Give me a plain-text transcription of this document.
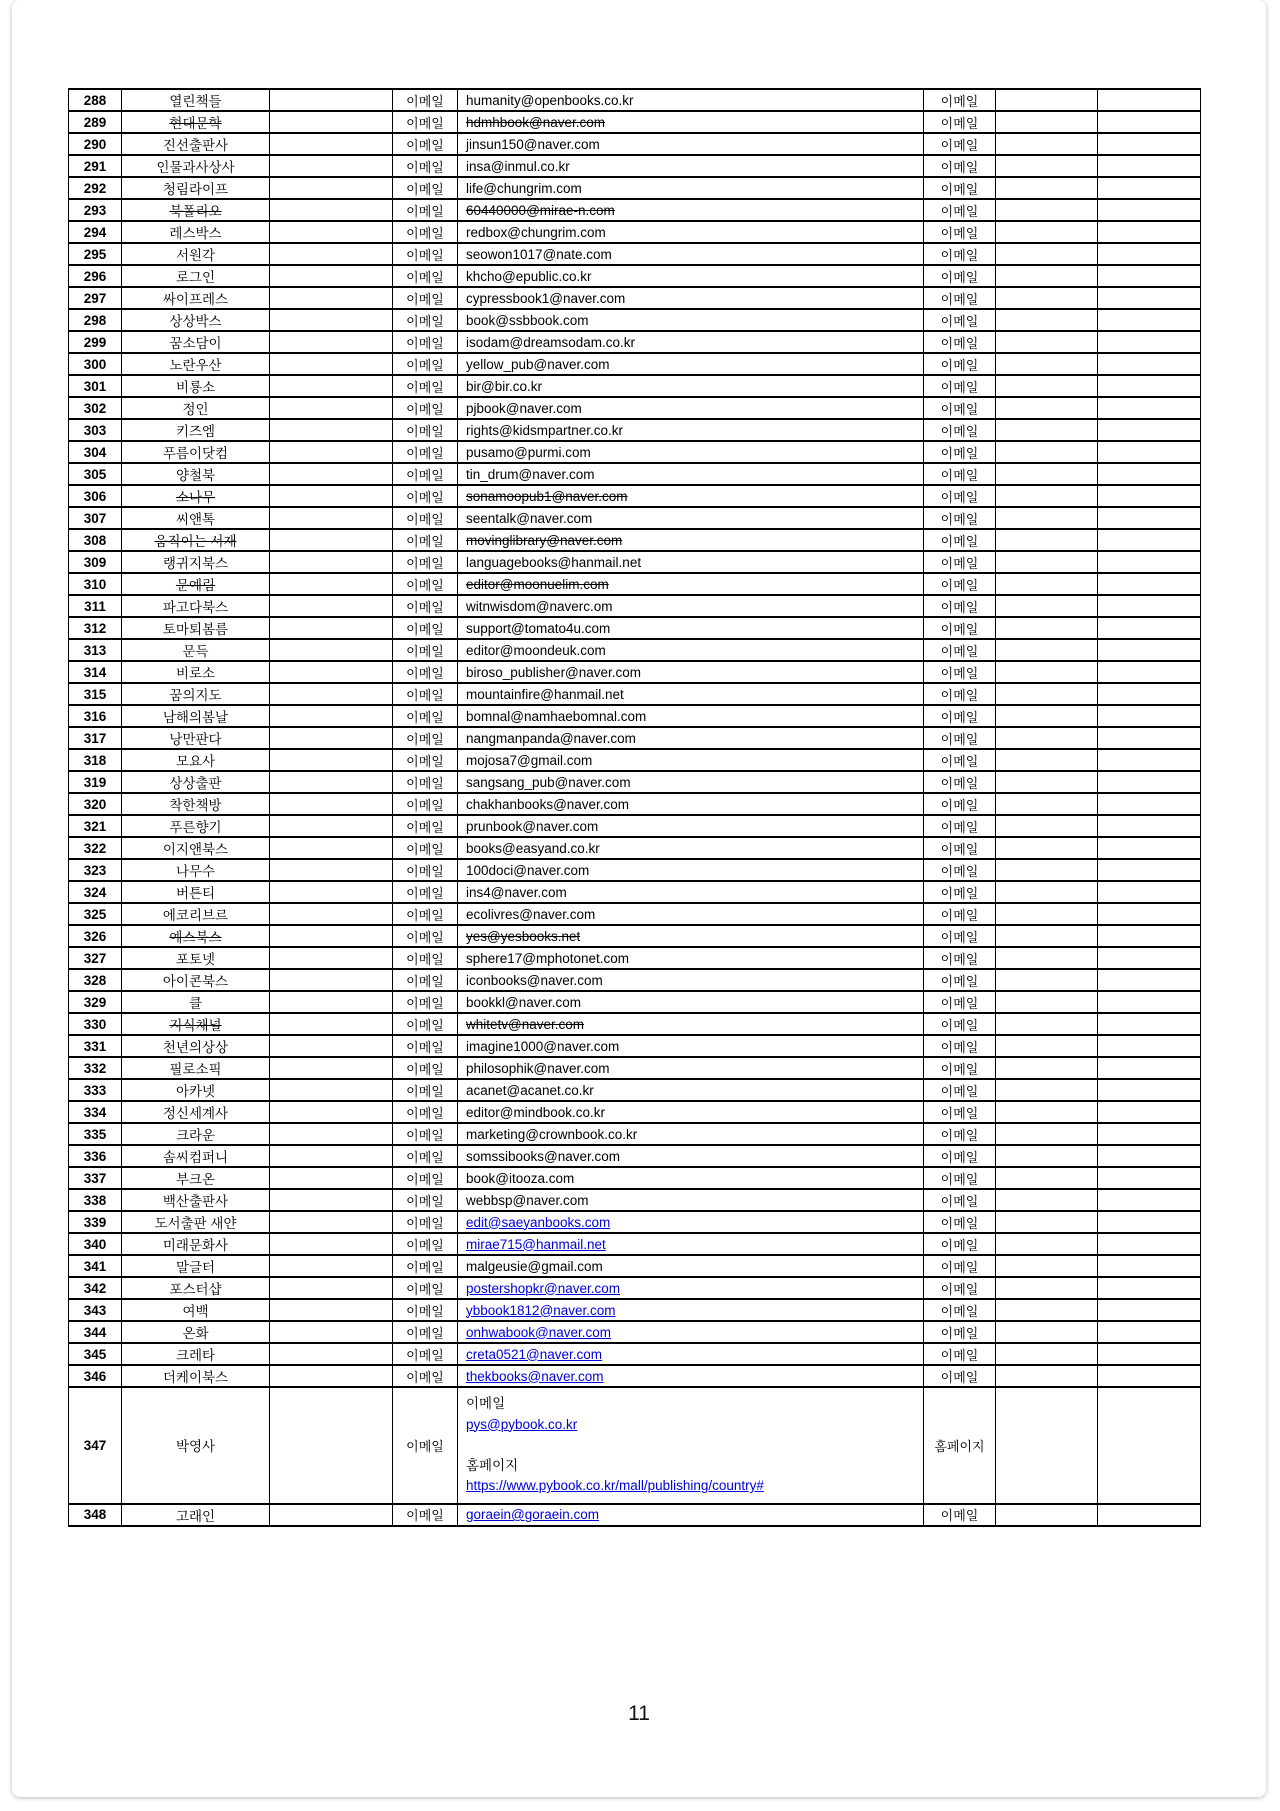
288	열린책들		이메일	humanity@openbooks.co.kr	이메일		
289	현대문학		이메일	hdmhbook@naver.com	이메일		
290	진선출판사		이메일	jinsun150@naver.com	이메일		
291	인물과사상사		이메일	insa@inmul.co.kr	이메일		
292	청림라이프		이메일	life@chungrim.com	이메일		
293	북폴리오		이메일	60440000@mirae-n.com	이메일		
294	레스박스		이메일	redbox@chungrim.com	이메일		
295	서원각		이메일	seowon1017@nate.com	이메일		
296	로그인		이메일	khcho@epublic.co.kr	이메일		
297	싸이프레스		이메일	cypressbook1@naver.com	이메일		
298	상상박스		이메일	book@ssbbook.com	이메일		
299	꿈소담이		이메일	isodam@dreamsodam.co.kr	이메일		
300	노란우산		이메일	yellow_pub@naver.com	이메일		
301	비룡소		이메일	bir@bir.co.kr	이메일		
302	정인		이메일	pjbook@naver.com	이메일		
303	키즈엠		이메일	rights@kidsmpartner.co.kr	이메일		
304	푸름이닷컴		이메일	pusamo@purmi.com	이메일		
305	양철북		이메일	tin_drum@naver.com	이메일		
306	소나무		이메일	sonamoopub1@naver.com	이메일		
307	씨앤톡		이메일	seentalk@naver.com	이메일		
308	움직이는 서재		이메일	movinglibrary@naver.com	이메일		
309	랭귀지북스		이메일	languagebooks@hanmail.net	이메일		
310	문예림		이메일	editor@moonuelim.com	이메일		
311	파고다북스		이메일	witnwisdom@naverc.om	이메일		
312	토마퇴봄름		이메일	support@tomato4u.com	이메일		
313	문득		이메일	editor@moondeuk.com	이메일		
314	비로소		이메일	biroso_publisher@naver.com	이메일		
315	꿈의지도		이메일	mountainfire@hanmail.net	이메일		
316	남해의봄날		이메일	bomnal@namhaebomnal.com	이메일		
317	낭만판다		이메일	nangmanpanda@naver.com	이메일		
318	모요사		이메일	mojosa7@gmail.com	이메일		
319	상상출판		이메일	sangsang_pub@naver.com	이메일		
320	착한책방		이메일	chakhanbooks@naver.com	이메일		
321	푸른향기		이메일	prunbook@naver.com	이메일		
322	이지앤북스		이메일	books@easyand.co.kr	이메일		
323	나무수		이메일	100doci@naver.com	이메일		
324	버튼티		이메일	ins4@naver.com	이메일		
325	에코리브르		이메일	ecolivres@naver.com	이메일		
326	예스북스		이메일	yes@yesbooks.net	이메일		
327	포토넷		이메일	sphere17@mphotonet.com	이메일		
328	아이콘북스		이메일	iconbooks@naver.com	이메일		
329	클		이메일	bookkl@naver.com	이메일		
330	지식채널		이메일	whitetv@naver.com	이메일		
331	천년의상상		이메일	imagine1000@naver.com	이메일		
332	필로소픽		이메일	philosophik@naver.com	이메일		
333	아카넷		이메일	acanet@acanet.co.kr	이메일		
334	정신세계사		이메일	editor@mindbook.co.kr	이메일		
335	크라운		이메일	marketing@crownbook.co.kr	이메일		
336	솜씨컴퍼니		이메일	somssibooks@naver.com	이메일		
337	부크온		이메일	book@itooza.com	이메일		
338	백산출판사		이메일	webbsp@naver.com	이메일		
339	도서출판 새얀		이메일	edit@saeyanbooks.com	이메일		
340	미래문화사		이메일	mirae715@hanmail.net	이메일		
341	말글터		이메일	malgeusie@gmail.com	이메일		
342	포스터샵		이메일	postershopkr@naver.com	이메일		
343	여백		이메일	ybbook1812@naver.com	이메일		
344	온화		이메일	onhwabook@naver.com	이메일		
345	크레타		이메일	creta0521@naver.com	이메일		
346	더케이북스		이메일	thekbooks@naver.com	이메일		
347	박영사		이메일	이메일
pys@pybook.co.kr

홈페이지
https://www.pybook.co.kr/mall/publishing/country#	홈페이지		
348	고래인		이메일	goraein@goraein.com	이메일		
11
